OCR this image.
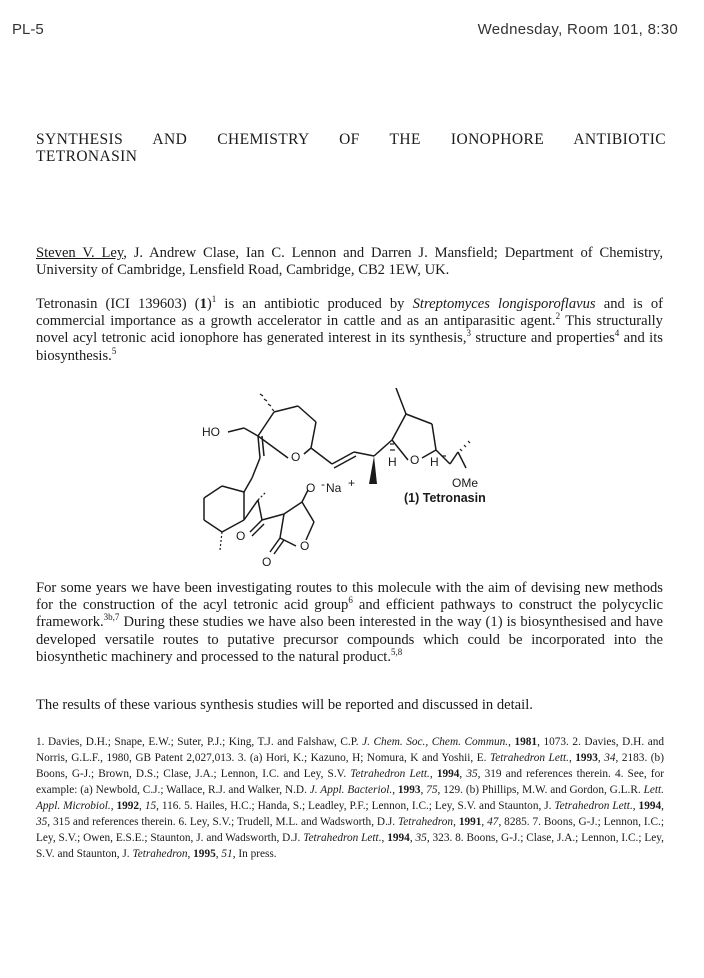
PL-5	Wednesday, Room 101, 8:30
SYNTHESIS AND CHEMISTRY OF THE IONOPHORE ANTIBIOTIC
TETRONASIN

Steven V. Ley, J. Andrew Clase, Ian C. Lennon and Darren J. Mansfield; Department of Chemistry, University of Cambridge, Lensfield Road, Cambridge, CB2 1EW, UK.

Tetronasin (ICI 139603) $(1)^1$ is an antibiotic produced by Streptomyces longisporoflavus and is of commercial importance as a growth accelerator in cattle and as an antiparasitic agent.$^2$ This structurally novel acyl tetronic acid ionophore has generated interest in its synthesis,$^3$ structure and properties$^4$ and its biosynthesis.$^5$

HO
O	O
H	H
OMe
O - Na +
O
O
O
(1) Tetronasin

For some years we have been investigating routes to this molecule with the aim of devising new methods for the construction of the acyl tetronic acid group$^6$ and efficient pathways to construct the polycyclic framework.$^{3b,7}$ During these studies we have also been interested in the way (1) is biosynthesised and have developed versatile routes to putative precursor compounds which could be incorporated into the biosynthetic machinery and processed to the natural product.$^{5,8}$

The results of these various synthesis studies will be reported and discussed in detail.

1. Davies, D.H.; Snape, E.W.; Suter, P.J.; King, T.J. and Falshaw, C.P. J. Chem. Soc., Chem. Commun., 1981, 1073. 2. Davies, D.H. and Norris, G.L.F., 1980, GB Patent 2,027,013. 3. (a) Hori, K.; Kazuno, H; Nomura, K and Yoshii, E. Tetrahedron Lett., 1993, 34, 2183. (b) Boons, G-J.; Brown, D.S.; Clase, J.A.; Lennon, I.C. and Ley, S.V. Tetrahedron Lett., 1994, 35, 319 and references therein. 4. See, for example: (a) Newbold, C.J.; Wallace, R.J. and Walker, N.D. J. Appl. Bacteriol., 1993, 75, 129. (b) Phillips, M.W. and Gordon, G.L.R. Lett. Appl. Microbiol., 1992, 15, 116. 5. Hailes, H.C.; Handa, S.; Leadley, P.F.; Lennon, I.C.; Ley, S.V. and Staunton, J. Tetrahedron Lett., 1994, 35, 315 and references therein. 6. Ley, S.V.; Trudell, M.L. and Wadsworth, D.J. Tetrahedron, 1991, 47, 8285. 7. Boons, G-J.; Lennon, I.C.; Ley, S.V.; Owen, E.S.E.; Staunton, J. and Wadsworth, D.J. Tetrahedron Lett., 1994, 35, 323. 8. Boons, G-J.; Clase, J.A.; Lennon, I.C.; Ley, S.V. and Staunton, J. Tetrahedron, 1995, 51, In press.
